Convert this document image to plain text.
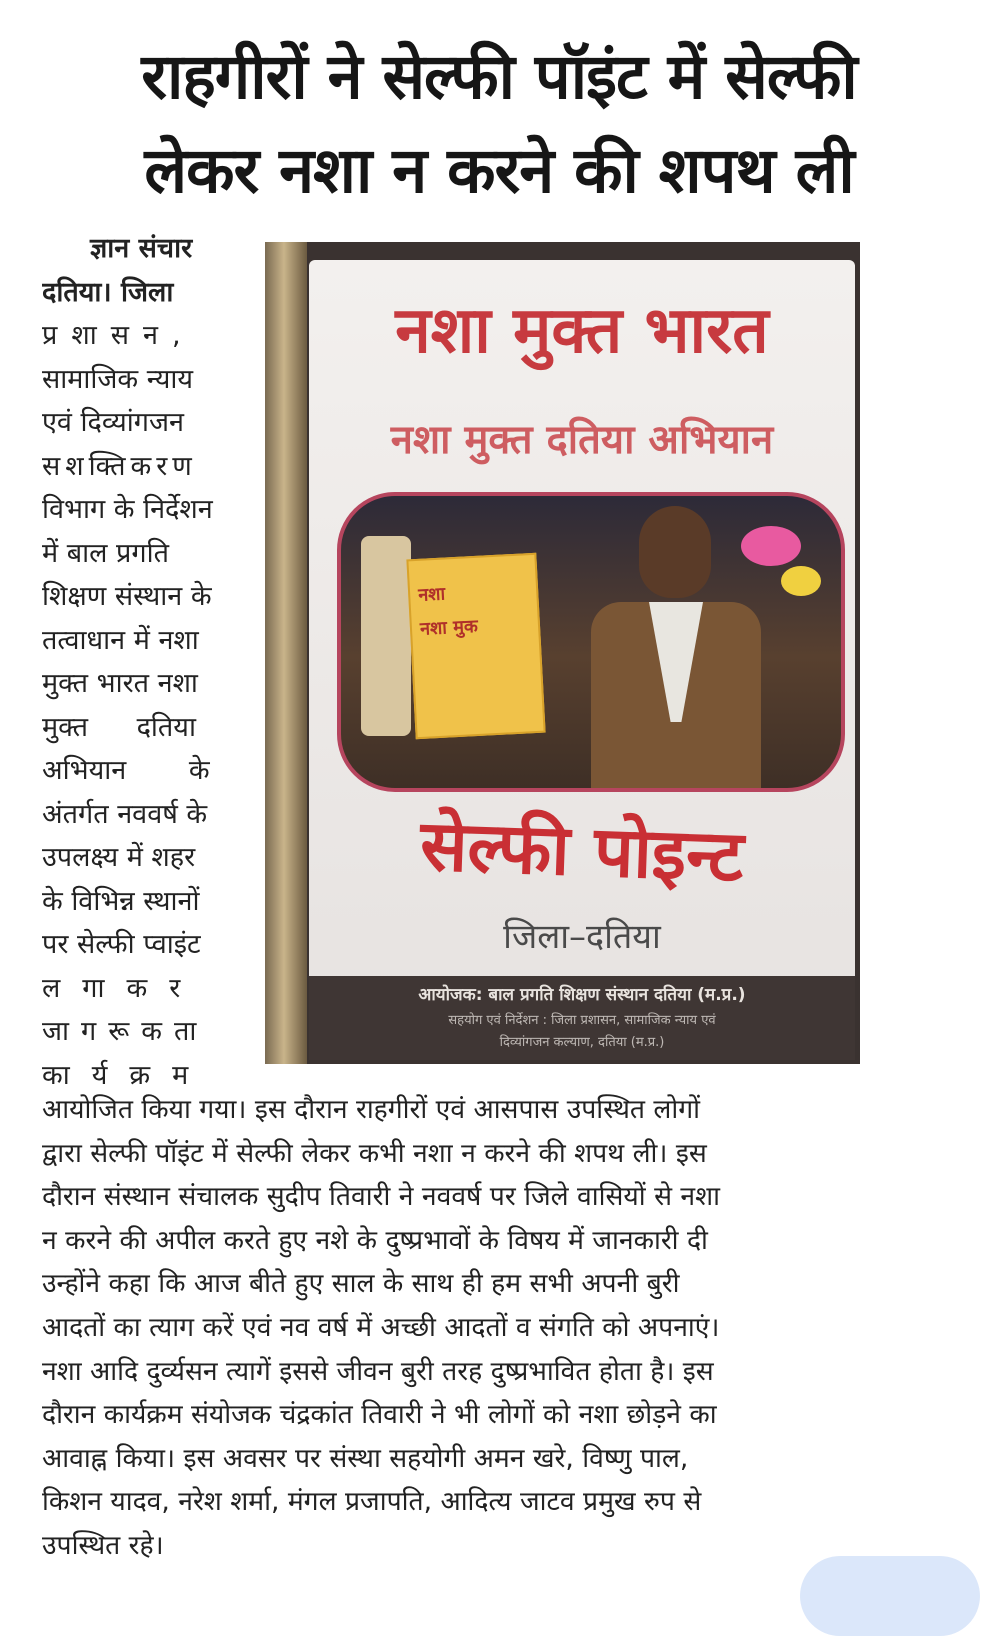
राहगीरों ने सेल्फी पॉइंट में सेल्फी
लेकर नशा न करने की शपथ ली
ज्ञान संचार
दतिया। जिला
प्रशासन,
सामाजिक न्याय
एवं दिव्यांगजन
सशक्तिकरण
विभाग के निर्देशन
में बाल प्रगति
शिक्षण संस्थान के
तत्वाधान में नशा
मुक्त भारत नशा
मुक्त दतिया
अभियान के
अंतर्गत नववर्ष के
उपलक्ष्य में शहर
के विभिन्न स्थानों
पर सेल्फी प्वाइंट
लगाकर
जागरूकता
कार्यक्रम
नशा मुक्त भारत
नशा मुक्त दतिया अभियान
नशा
नशा मुक
सेल्फी पोइन्ट
जिला–दतिया
आयोजक: बाल प्रगति शिक्षण संस्थान दतिया (म.प्र.)
सहयोग एवं निर्देशन : जिला प्रशासन, सामाजिक न्याय एवं
दिव्यांगजन कल्याण, दतिया (म.प्र.)
आयोजित किया गया। इस दौरान राहगीरों एवं आसपास उपस्थित लोगों
द्वारा सेल्फी पॉइंट में सेल्फी लेकर कभी नशा न करने की शपथ ली। इस
दौरान संस्थान संचालक सुदीप तिवारी ने नववर्ष पर जिले वासियों से नशा
न करने की अपील करते हुए नशे के दुष्प्रभावों के विषय में जानकारी दी
उन्होंने कहा कि आज बीते हुए साल के साथ ही हम सभी अपनी बुरी
आदतों का त्याग करें एवं नव वर्ष में अच्छी आदतों व संगति को अपनाएं।
नशा आदि दुर्व्यसन त्यागें इससे जीवन बुरी तरह दुष्प्रभावित होता है। इस
दौरान कार्यक्रम संयोजक चंद्रकांत तिवारी ने भी लोगों को नशा छोड़ने का
आवाह्न किया। इस अवसर पर संस्था सहयोगी अमन खरे, विष्णु पाल,
किशन यादव, नरेश शर्मा, मंगल प्रजापति, आदित्य जाटव प्रमुख रुप से
उपस्थित रहे।
